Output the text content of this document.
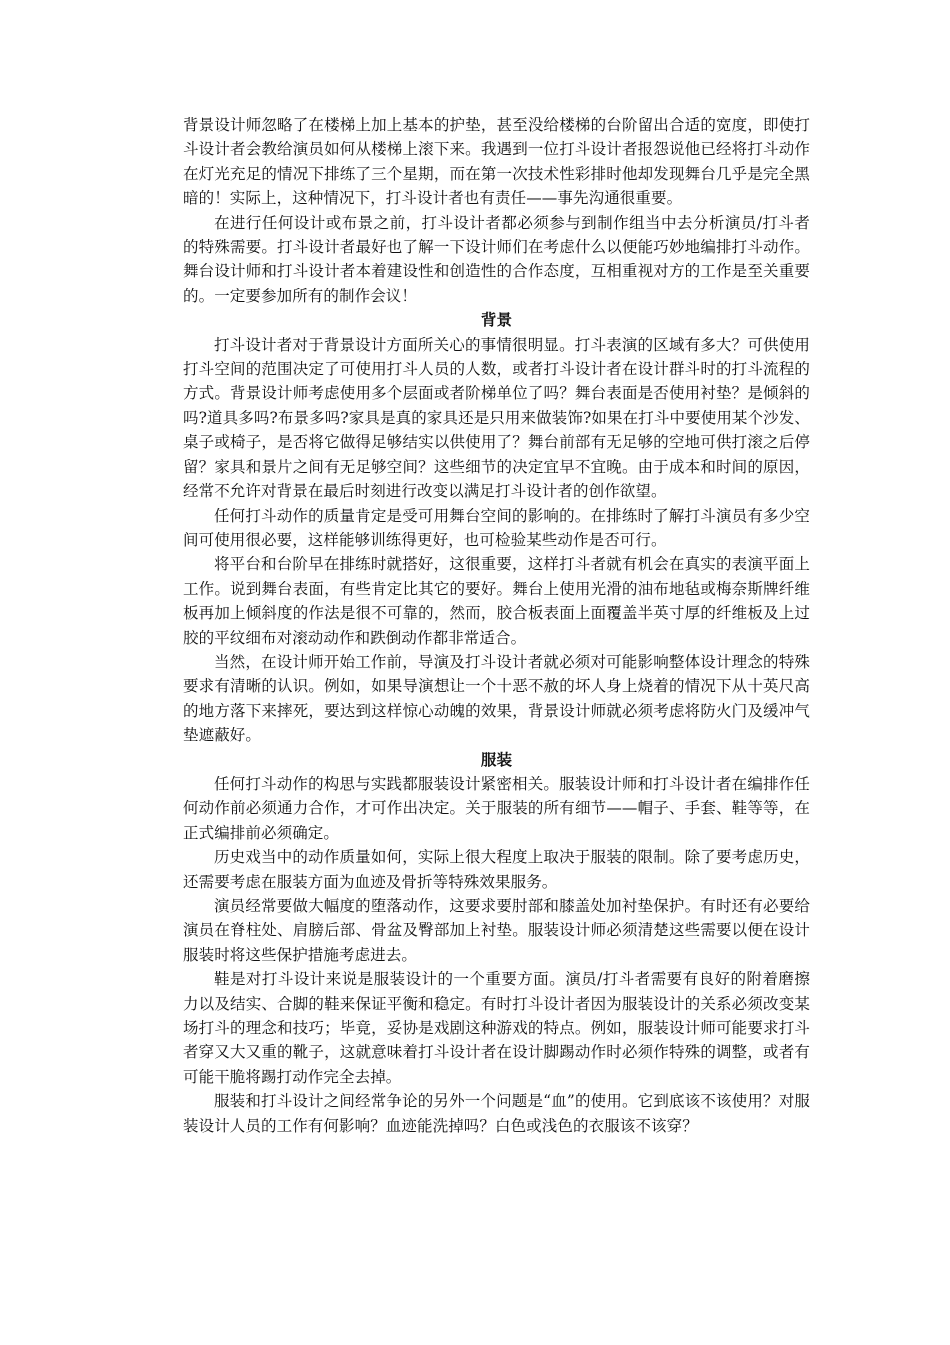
背景设计师忽略了在楼梯上加上基本的护垫，甚至没给楼梯的台阶留出合适的宽度，即使打斗设计者会教给演员如何从楼梯上滚下来。我遇到一位打斗设计者报怨说他已经将打斗动作在灯光充足的情况下排练了三个星期，而在第一次技术性彩排时他却发现舞台几乎是完全黑暗的！实际上，这种情况下，打斗设计者也有责任——事先沟通很重要。

在进行任何设计或布景之前，打斗设计者都必须参与到制作组当中去分析演员/打斗者的特殊需要。打斗设计者最好也了解一下设计师们在考虑什么以便能巧妙地编排打斗动作。舞台设计师和打斗设计者本着建设性和创造性的合作态度，互相重视对方的工作是至关重要的。一定要参加所有的制作会议！

背景

打斗设计者对于背景设计方面所关心的事情很明显。打斗表演的区域有多大？可供使用打斗空间的范围决定了可使用打斗人员的人数，或者打斗设计者在设计群斗时的打斗流程的方式。背景设计师考虑使用多个层面或者阶梯单位了吗？舞台表面是否使用衬垫？是倾斜的吗?道具多吗?布景多吗?家具是真的家具还是只用来做装饰?如果在打斗中要使用某个沙发、桌子或椅子，是否将它做得足够结实以供使用了？舞台前部有无足够的空地可供打滚之后停留？家具和景片之间有无足够空间？这些细节的决定宜早不宜晚。由于成本和时间的原因，经常不允许对背景在最后时刻进行改变以满足打斗设计者的创作欲望。

任何打斗动作的质量肯定是受可用舞台空间的影响的。在排练时了解打斗演员有多少空间可使用很必要，这样能够训练得更好，也可检验某些动作是否可行。

将平台和台阶早在排练时就搭好，这很重要，这样打斗者就有机会在真实的表演平面上工作。说到舞台表面，有些肯定比其它的要好。舞台上使用光滑的油布地毡或梅奈斯牌纤维板再加上倾斜度的作法是很不可靠的，然而，胶合板表面上面覆盖半英寸厚的纤维板及上过胶的平纹细布对滚动动作和跌倒动作都非常适合。

当然，在设计师开始工作前，导演及打斗设计者就必须对可能影响整体设计理念的特殊要求有清晰的认识。例如，如果导演想让一个十恶不赦的坏人身上烧着的情况下从十英尺高的地方落下来摔死，要达到这样惊心动魄的效果，背景设计师就必须考虑将防火门及缓冲气垫遮蔽好。

服装

任何打斗动作的构思与实践都服装设计紧密相关。服装设计师和打斗设计者在编排作任何动作前必须通力合作，才可作出决定。关于服装的所有细节——帽子、手套、鞋等等，在正式编排前必须确定。

历史戏当中的动作质量如何，实际上很大程度上取决于服装的限制。除了要考虑历史，还需要考虑在服装方面为血迹及骨折等特殊效果服务。

演员经常要做大幅度的堕落动作，这要求要肘部和膝盖处加衬垫保护。有时还有必要给演员在脊柱处、肩膀后部、骨盆及臀部加上衬垫。服装设计师必须清楚这些需要以便在设计服装时将这些保护措施考虑进去。

鞋是对打斗设计来说是服装设计的一个重要方面。演员/打斗者需要有良好的附着磨擦力以及结实、合脚的鞋来保证平衡和稳定。有时打斗设计者因为服装设计的关系必须改变某场打斗的理念和技巧；毕竟，妥协是戏剧这种游戏的特点。例如，服装设计师可能要求打斗者穿又大又重的靴子，这就意味着打斗设计者在设计脚踢动作时必须作特殊的调整，或者有可能干脆将踢打动作完全去掉。

服装和打斗设计之间经常争论的另外一个问题是“血”的使用。它到底该不该使用？对服装设计人员的工作有何影响？血迹能洗掉吗？白色或浅色的衣服该不该穿？
